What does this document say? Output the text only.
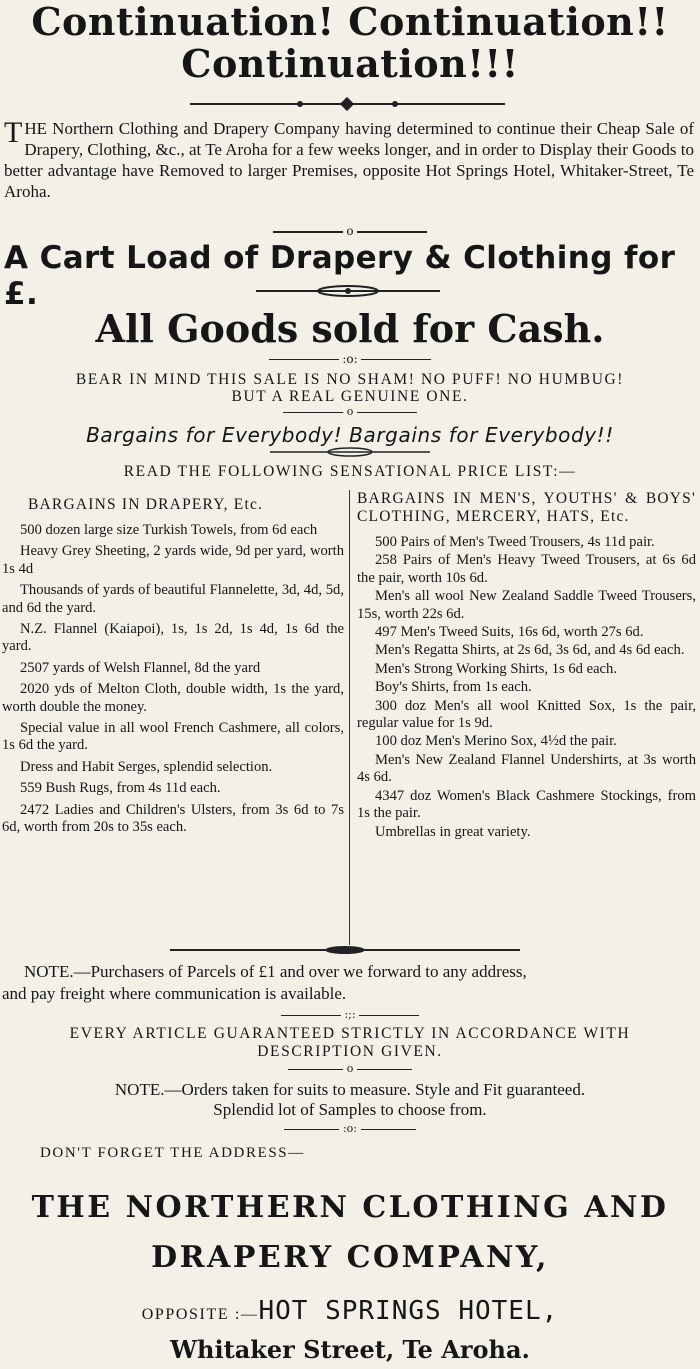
Continuation! Continuation!!
Continuation!!!
THE Northern Clothing and Drapery Company having determined to continue their Cheap Sale of Drapery, Clothing, &c., at Te Aroha for a few weeks longer, and in order to Display their Goods to better advantage have Removed to larger Premises, opposite Hot Springs Hotel, Whitaker-Street, Te Aroha.
o
A Cart Load of Drapery & Clothing for £.
All Goods sold for Cash.
:o:
BEAR IN MIND THIS SALE IS NO SHAM! NO PUFF! NO HUMBUG!
BUT A REAL GENUINE ONE.
o
Bargains for Everybody! Bargains for Everybody!!
READ THE FOLLOWING SENSATIONAL PRICE LIST:—
BARGAINS IN DRAPERY, Etc.
500 dozen large size Turkish Towels, from 6d each
Heavy Grey Sheeting, 2 yards wide, 9d per yard, worth 1s 4d
Thousands of yards of beautiful Flannelette, 3d, 4d, 5d, and 6d the yard.
N.Z. Flannel (Kaiapoi), 1s, 1s 2d, 1s 4d, 1s 6d the yard.
2507 yards of Welsh Flannel, 8d the yard
2020 yds of Melton Cloth, double width, 1s the yard, worth double the money.
Special value in all wool French Cashmere, all colors, 1s 6d the yard.
Dress and Habit Serges, splendid selection.
559 Bush Rugs, from 4s 11d each.
2472 Ladies and Children's Ulsters, from 3s 6d to 7s 6d, worth from 20s to 35s each.
BARGAINS IN MEN'S, YOUTHS' & BOYS' CLOTHING, MERCERY, HATS, Etc.
500 Pairs of Men's Tweed Trousers, 4s 11d pair.
258 Pairs of Men's Heavy Tweed Trousers, at 6s 6d the pair, worth 10s 6d.
Men's all wool New Zealand Saddle Tweed Trousers, 15s, worth 22s 6d.
497 Men's Tweed Suits, 16s 6d, worth 27s 6d.
Men's Regatta Shirts, at 2s 6d, 3s 6d, and 4s 6d each.
Men's Strong Working Shirts, 1s 6d each.
Boy's Shirts, from 1s each.
300 doz Men's all wool Knitted Sox, 1s the pair, regular value for 1s 9d.
100 doz Men's Merino Sox, 4½d the pair.
Men's New Zealand Flannel Undershirts, at 3s worth 4s 6d.
4347 doz Women's Black Cashmere Stockings, from 1s the pair.
Umbrellas in great variety.
NOTE.—Purchasers of Parcels of £1 and over we forward to any address,
and pay freight where communication is available.
:;:
EVERY ARTICLE GUARANTEED STRICTLY IN ACCORDANCE WITH
DESCRIPTION GIVEN.
o
NOTE.—Orders taken for suits to measure. Style and Fit guaranteed.
Splendid lot of Samples to choose from.
:o:
DON'T FORGET THE ADDRESS—
THE NORTHERN CLOTHING AND
DRAPERY COMPANY,
OPPOSITE :—HOT SPRINGS HOTEL,
Whitaker Street, Te Aroha.
